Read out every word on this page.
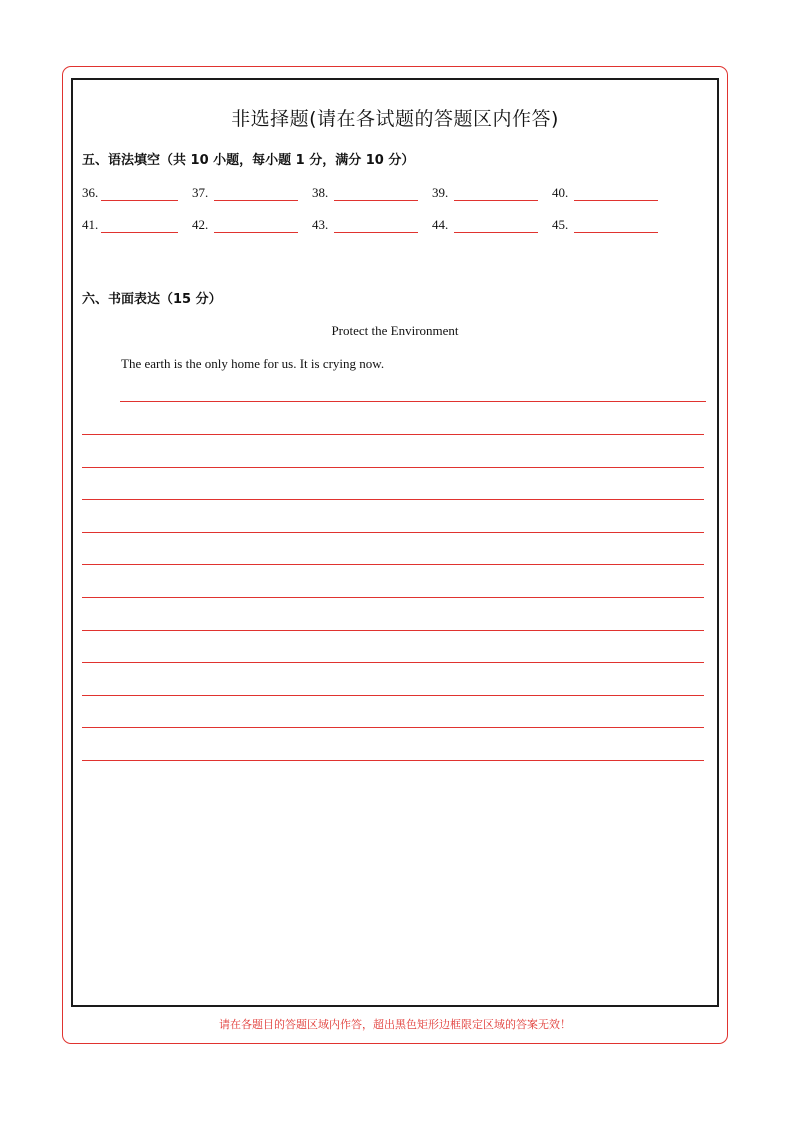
非选择题(请在各试题的答题区内作答)
五、语法填空（共 10 小题，每小题 1 分，满分 10 分）
36.	37.	38.	39.	40.
41.	42.	43.	44.	45.
六、书面表达（15 分）
Protect the Environment
The earth is the only home for us. It is crying now.
请在各题目的答题区域内作答，超出黑色矩形边框限定区域的答案无效！
